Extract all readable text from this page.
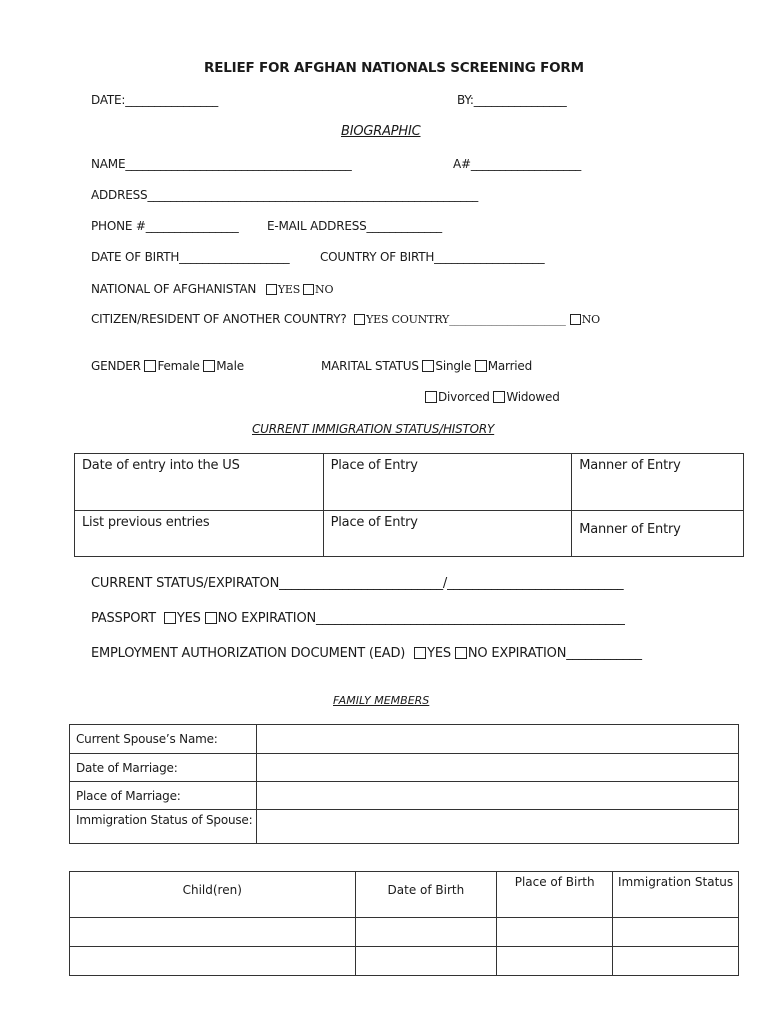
RELIEF FOR AFGHAN NATIONALS SCREENING FORM
DATE:________________	BY:________________
BIOGRAPHIC
NAME_______________________________________	A#___________________
ADDRESS_________________________________________________________
PHONE #________________ E-MAIL ADDRESS_____________
DATE OF BIRTH___________________	COUNTRY OF BIRTH___________________
NATIONAL OF AFGHANISTAN YES NO
CITIZEN/RESIDENT OF ANOTHER COUNTRY? YES COUNTRY______________________ NO
GENDER Female Male	MARITAL STATUS Single Married
Divorced Widowed
CURRENT IMMIGRATION STATUS/HISTORY
Date of entry into the US	Place of Entry	Manner of Entry
List previous entries	Place of Entry	Manner of Entry
CURRENT STATUS/EXPIRATON__________________________/____________________________
PASSPORT YES NO EXPIRATION_________________________________________________
EMPLOYMENT AUTHORIZATION DOCUMENT (EAD) YES NO EXPIRATION____________
FAMILY MEMBERS
Current Spouse’s Name:	
Date of Marriage:	
Place of Marriage:	
Immigration Status of Spouse:	
Child(ren)	Date of Birth	Place of Birth	Immigration Status
